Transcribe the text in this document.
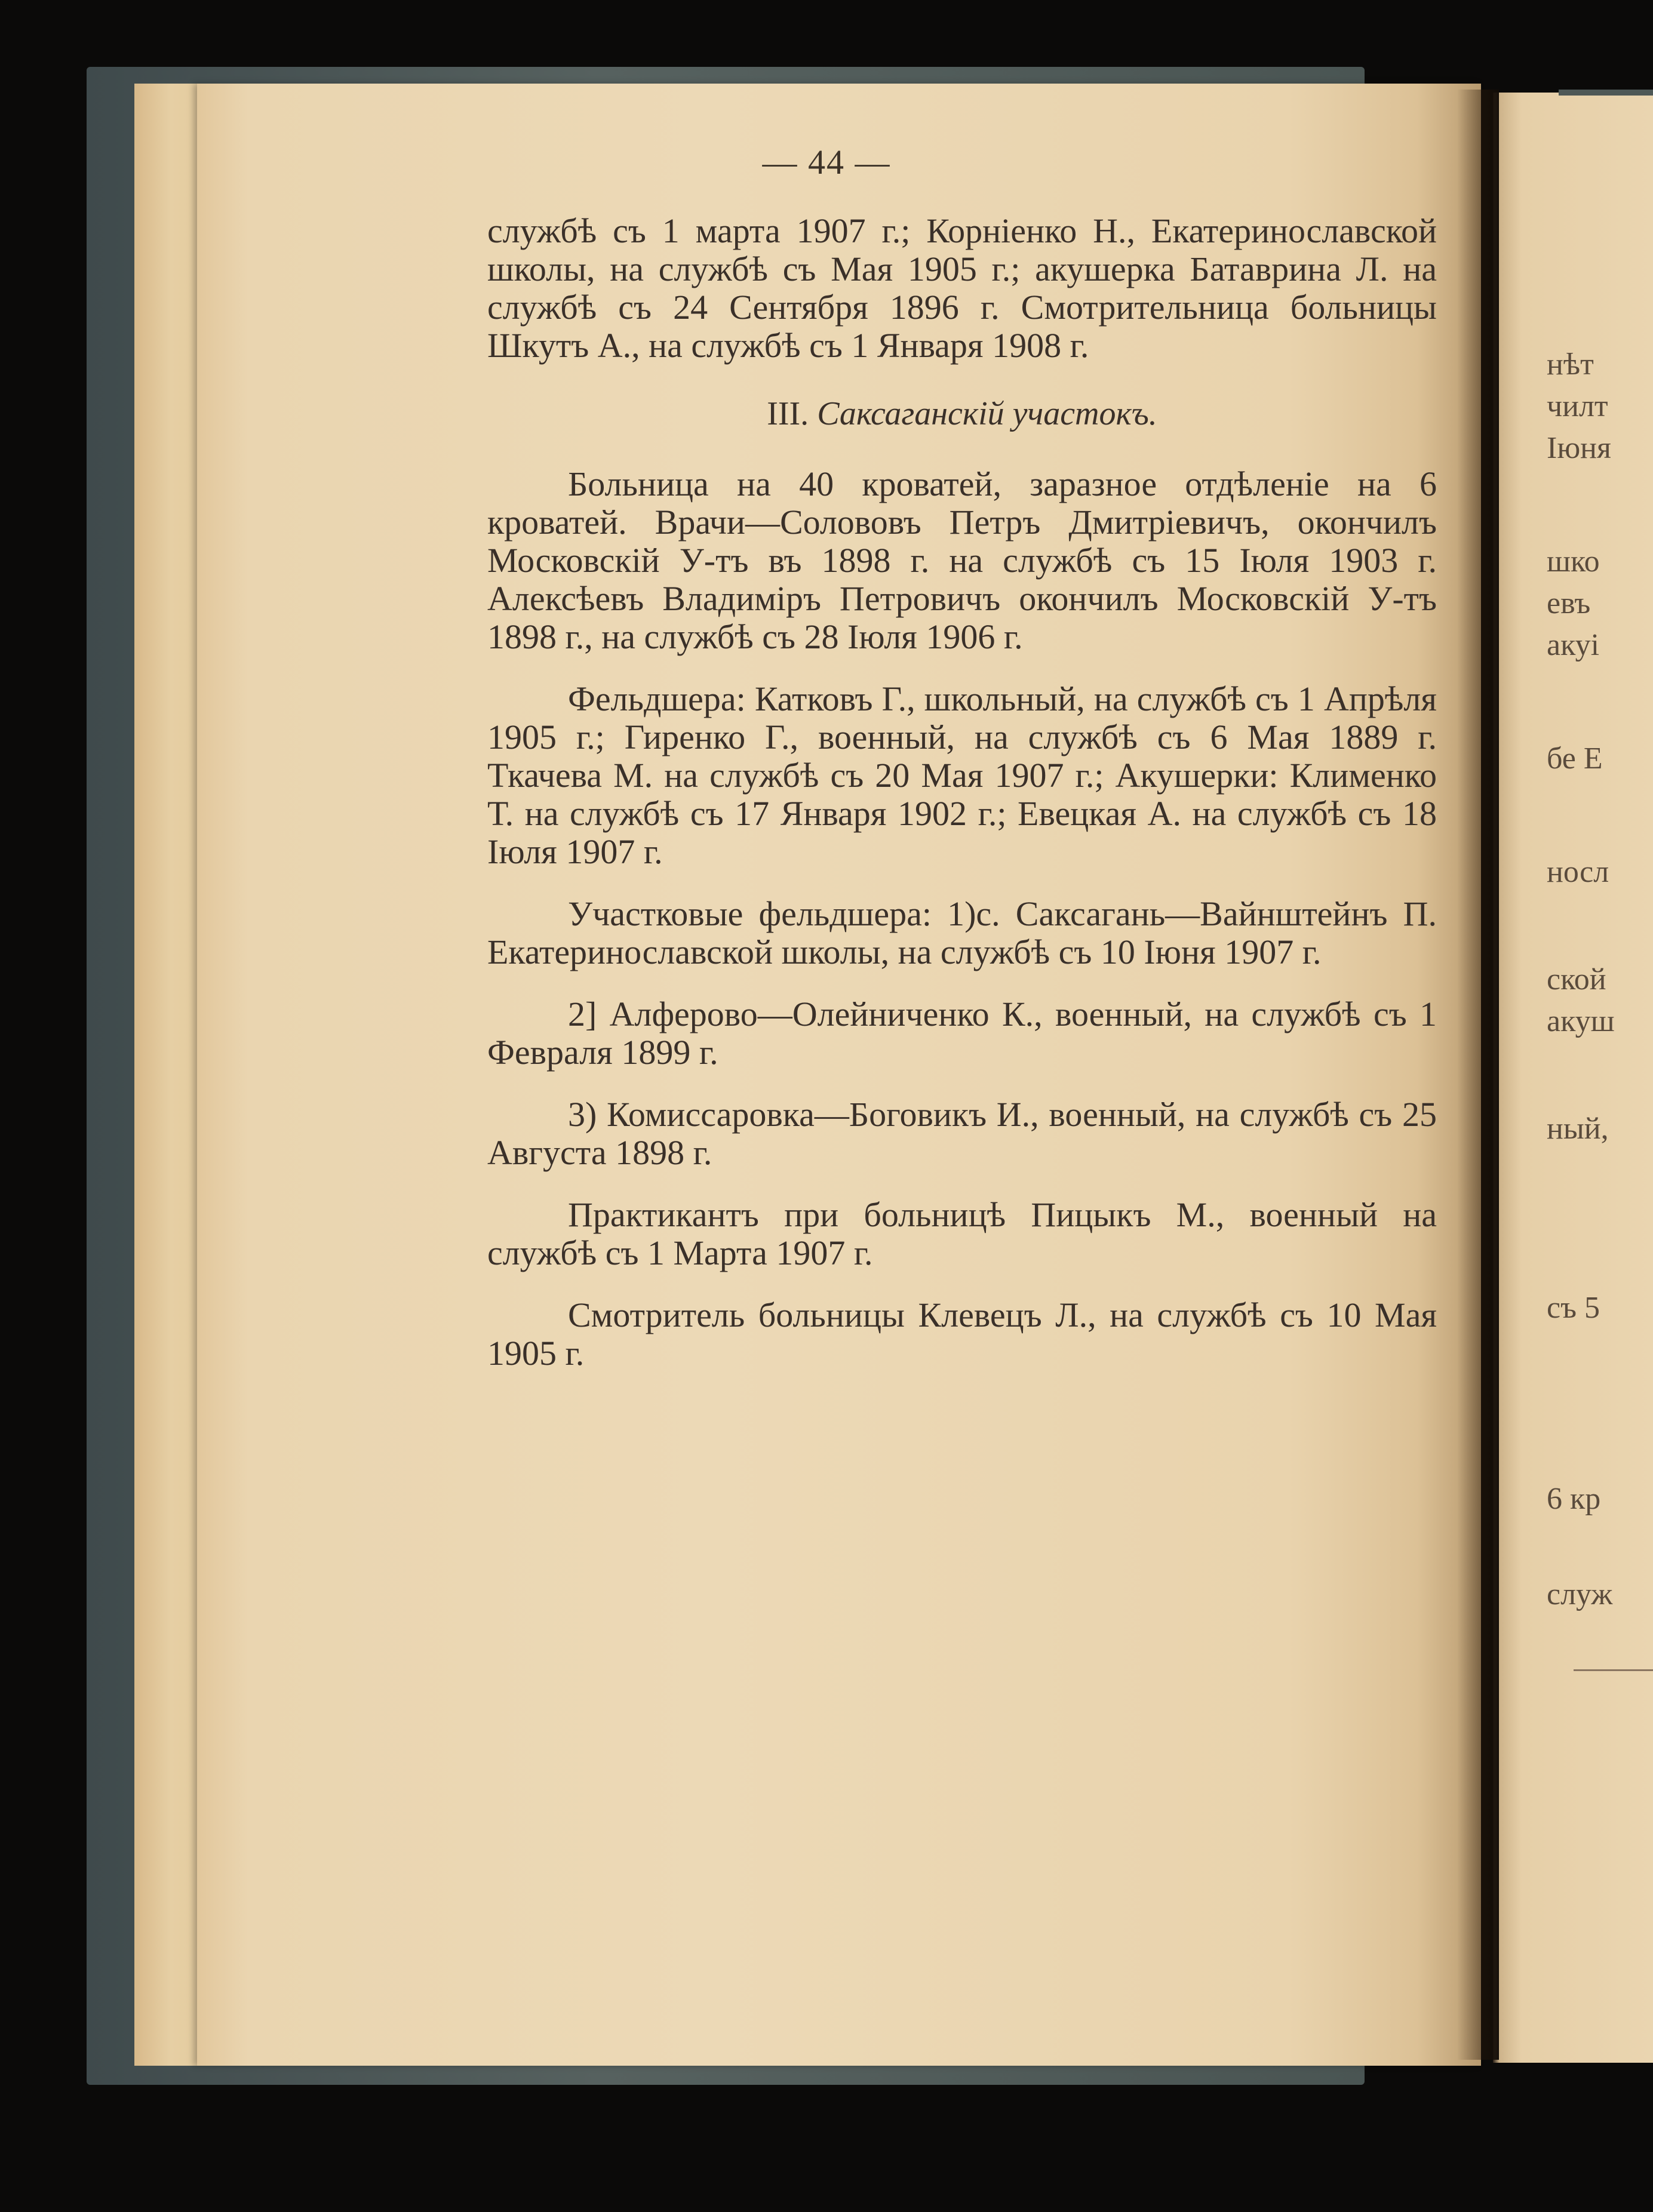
— 44 —

службѣ съ 1 марта 1907 г.; Корнiенко Н., Екатеринославской школы, на службѣ съ Мая 1905 г.; акушерка Батаврина Л. на службѣ съ 24 Сентября 1896 г. Смотрительница больницы Шкутъ А., на службѣ съ 1 Января 1908 г.

III. Саксаганскiй участокъ.

Больница на 40 кроватей, заразное отдѣленiе на 6 кроватей. Врачи—Солововъ Петръ Дмитрiевичъ, окончилъ Московскiй У-тъ въ 1898 г. на службѣ съ 15 Iюля 1903 г. Алексѣевъ Владимiръ Петровичъ окончилъ Московскiй У-тъ 1898 г., на службѣ съ 28 Iюля 1906 г.

Фельдшера: Катковъ Г., школьный, на службѣ съ 1 Апрѣля 1905 г.; Гиренко Г., военный, на службѣ съ 6 Мая 1889 г. Ткачева М. на службѣ съ 20 Мая 1907 г.; Акушерки: Клименко Т. на службѣ съ 17 Января 1902 г.; Евецкая А. на службѣ съ 18 Iюля 1907 г.

Участковые фельдшера: 1)с. Саксагань—Вайнштейнъ П. Екатеринославской школы, на службѣ съ 10 Iюня 1907 г.

2] Алферово—Олейниченко К., военный, на службѣ съ 1 Февраля 1899 г.

3) Комиссаровка—Боговикъ И., военный, на службѣ съ 25 Августа 1898 г.

Практикантъ при больницѣ Пицыкъ М., военный на службѣ съ 1 Марта 1907 г.

Смотритель больницы Клевецъ Л., на службѣ съ 10 Мая 1905 г.

нѣт
чилт
Iюня
шко
евъ
акуі
бе Е
носл
ской
акуш
ный,
съ 5
6 кр
служ
